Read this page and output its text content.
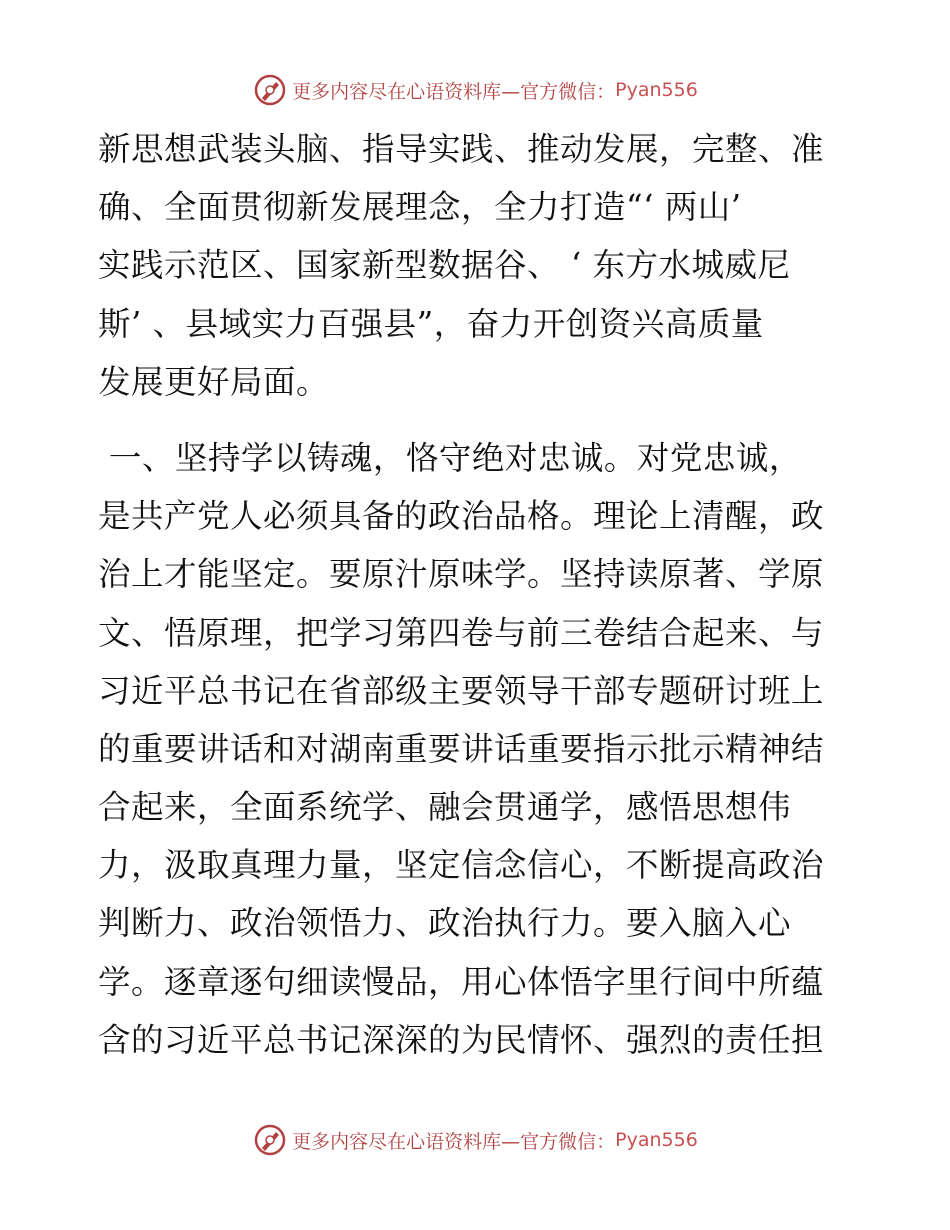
更多内容尽在心语资料库—官方微信： Pyan556
新思想武装头脑、指导实践、推动发展，完整、准
确、全面贯彻新发展理念，全力打造“‘ 两山’
实践示范区、国家新型数据谷、 ‘ 东方水城威尼
斯’ 、县域实力百强县”，奋力开创资兴高质量
发展更好局面。
一、坚持学以铸魂，恪守绝对忠诚。对党忠诚，
是共产党人必须具备的政治品格。理论上清醒，政
治上才能坚定。要原汁原味学。坚持读原著、学原
文、悟原理，把学习第四卷与前三卷结合起来、与
习近平总书记在省部级主要领导干部专题研讨班上
的重要讲话和对湖南重要讲话重要指示批示精神结
合起来，全面系统学、融会贯通学，感悟思想伟
力，汲取真理力量，坚定信念信心，不断提高政治
判断力、政治领悟力、政治执行力。要入脑入心
学。逐章逐句细读慢品，用心体悟字里行间中所蕴
含的习近平总书记深深的为民情怀、强烈的责任担
更多内容尽在心语资料库—官方微信： Pyan556
